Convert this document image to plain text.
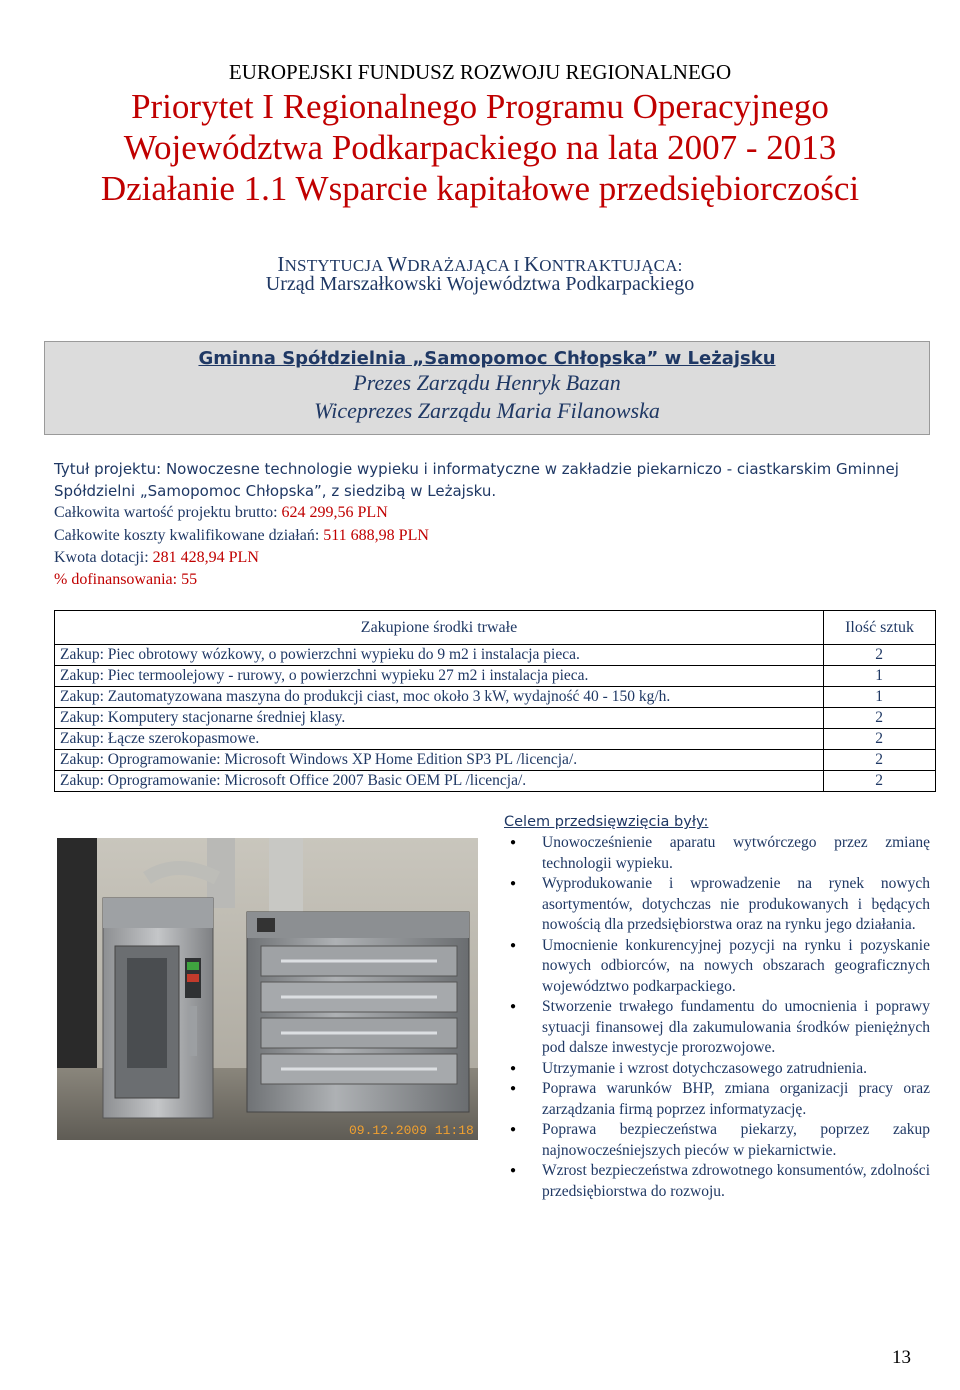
EUROPEJSKI FUNDUSZ ROZWOJU REGIONALNEGO
Priorytet I Regionalnego Programu Operacyjnego
Województwa Podkarpackiego na lata 2007 - 2013
Działanie 1.1 Wsparcie kapitałowe przedsiębiorczości
INSTYTUCJA WDRAŻAJĄCA I KONTRAKTUJĄCA:
Urząd Marszałkowski Województwa Podkarpackiego
Gminna Spółdzielnia „Samopomoc Chłopska” w Leżajsku
Prezes Zarządu Henryk Bazan
Wiceprezes Zarządu Maria Filanowska
Tytuł projektu: Nowoczesne technologie wypieku i informatyczne w zakładzie piekarniczo - ciastkarskim Gminnej Spółdzielni „Samopomoc Chłopska”, z siedzibą w Leżajsku.
Całkowita wartość projektu brutto: 624 299,56 PLN
Całkowite koszty kwalifikowane działań: 511 688,98 PLN
Kwota dotacji: 281 428,94 PLN
% dofinansowania: 55
Zakupione środki trwałe	Ilość sztuk
Zakup: Piec obrotowy wózkowy, o powierzchni wypieku do 9 m2 i instalacja pieca.	2
Zakup: Piec termoolejowy - rurowy, o powierzchni wypieku 27 m2 i instalacja pieca.	1
Zakup: Zautomatyzowana maszyna do produkcji ciast, moc około 3 kW, wydajność 40 - 150 kg/h.	1
Zakup: Komputery stacjonarne średniej klasy.	2
Zakup: Łącze szerokopasmowe.	2
Zakup: Oprogramowanie: Microsoft Windows XP Home Edition SP3 PL /licencja/.	2
Zakup: Oprogramowanie: Microsoft Office 2007 Basic OEM PL /licencja/.	2
09.12.2009 11:18
Celem przedsięwzięcia były:
● Unowocześnienie aparatu wytwórczego przez zmianę technologii wypieku.
● Wyprodukowanie i wprowadzenie na rynek nowych asortymentów, dotychczas nie produkowanych i będących nowością dla przedsiębiorstwa oraz na rynku jego działania.
● Umocnienie konkurencyjnej pozycji na rynku i pozyskanie nowych odbiorców, na nowych obszarach geograficznych województwo podkarpackiego.
● Stworzenie trwałego fundamentu do umocnienia i poprawy sytuacji finansowej dla zakumulowania środków pieniężnych pod dalsze inwestycje prorozwojowe.
● Utrzymanie i wzrost dotychczasowego zatrudnienia.
● Poprawa warunków BHP, zmiana organizacji pracy oraz zarządzania firmą poprzez informatyzację.
● Poprawa bezpieczeństwa piekarzy, poprzez zakup najnowocześniejszych pieców w piekarnictwie.
● Wzrost bezpieczeństwa zdrowotnego konsumentów, zdolności przedsiębiorstwa do rozwoju.
13
